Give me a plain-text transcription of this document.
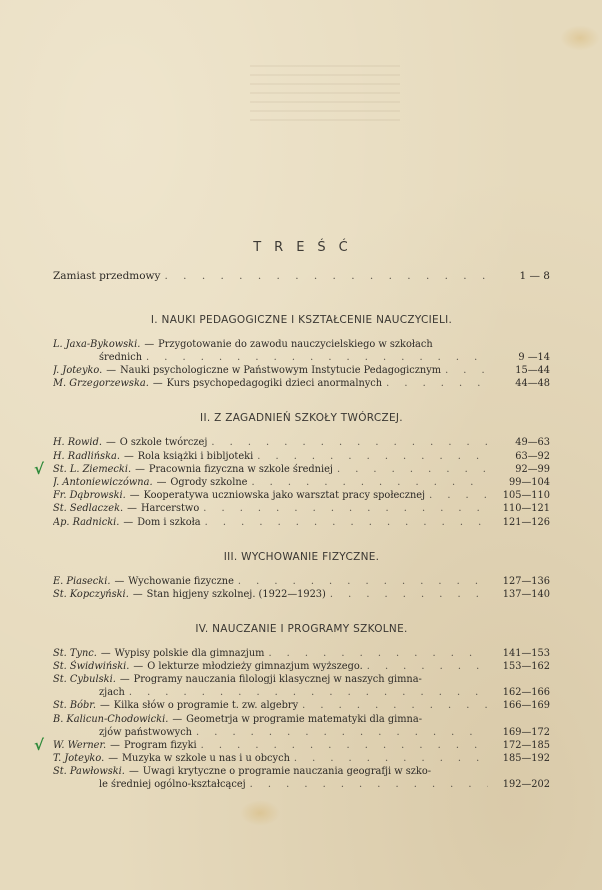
TREŚĆ
Zamiast przedmowy . . .	1 — 8
I. NAUKI PEDAGOGICZNE I KSZTAŁCENIE NAUCZYCIELI.
L. Jaxa-Bykowski. — Przygotowanie do zawodu nauczycielskiego w szkołach
średnich . . .	9 —14
J. Joteyko. — Nauki psychologiczne w Państwowym Instytucie Pedagogicznym . . .	15—44
M. Grzegorzewska. — Kurs psychopedagogiki dzieci anormalnych . . .	44—48
II. Z ZAGADNIEŃ SZKOŁY TWÓRCZEJ.
H. Rowid. — O szkole twórczej . . .	49—63
H. Radlińska. — Rola książki i bibljoteki . . .	63—92
√ St. L. Ziemecki. — Pracownia fizyczna w szkole średniej . . .	92—99
J. Antoniewiczówna. — Ogrody szkolne . . .	99—104
Fr. Dąbrowski. — Kooperatywa uczniowska jako warsztat pracy społecznej . . .	105—110
St. Sedlaczek. — Harcerstwo . . .	110—121
Ap. Radnicki. — Dom i szkoła . . .	121—126
III. WYCHOWANIE FIZYCZNE.
E. Piasecki. — Wychowanie fizyczne . . .	127—136
St. Kopczyński. — Stan higjeny szkolnej. (1922—1923) . . .	137—140
IV. NAUCZANIE I PROGRAMY SZKOLNE.
St. Tync. — Wypisy polskie dla gimnazjum . . .	141—153
St. Świdwiński. — O lekturze młodzieży gimnazjum wyższego. . . .	153—162
St. Cybulski. — Programy nauczania filologji klasycznej w naszych gimna-
zjach . . .	162—166
St. Bóbr. — Kilka słów o programie t. zw. algebry . . .	166—169
B. Kalicun-Chodowicki. — Geometrja w programie matematyki dla gimna-
zjów państwowych . . .	169—172
√ W. Werner. — Program fizyki . . .	172—185
T. Joteyko. — Muzyka w szkole u nas i u obcych . . .	185—192
St. Pawłowski. — Uwagi krytyczne o programie nauczania geografji w szko-
le średniej ogólno-kształcącej . . .	192—202
